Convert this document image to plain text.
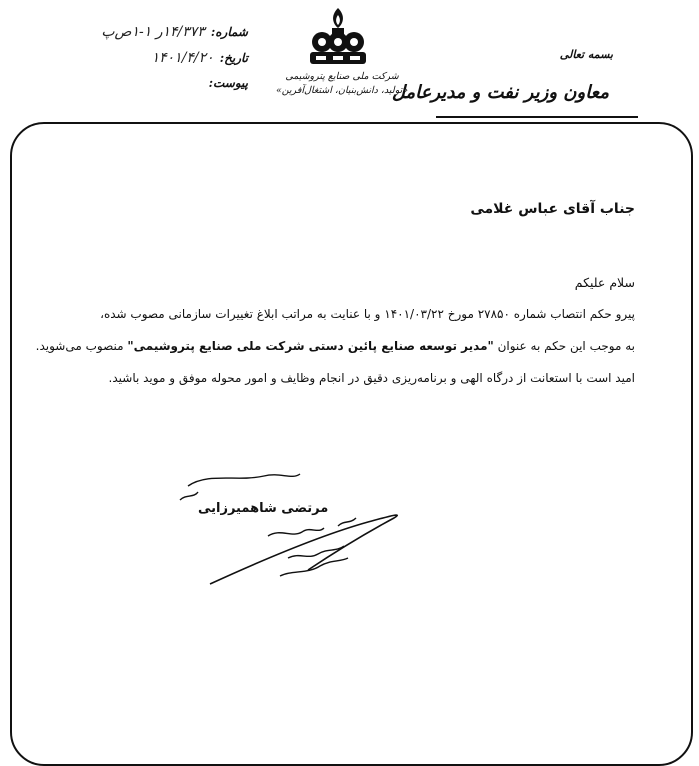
شماره:
۱۴/۳۷۳ر ۱-۱ص‌پ
تاریخ:
۱۴۰۱/۴/۲۰
پیوست:	شرکت ملی صنایع پتروشیمی
«تولید، دانش‌بنیان، اشتغال‌آفرین»
بسمه تعالی
معاون وزیر نفت و مدیرعامل
جناب آقای عباس غلامی
سلام علیکم

پیرو حکم انتصاب شماره ۲۷۸۵۰ مورخ ۱۴۰۱/۰۳/۲۲ و با عنایت به مراتب ابلاغ تغییرات سازمانی مصوب شده،

به موجب این حکم به عنوان "مدیر توسعه صنایع پائین دستی شرکت ملی صنایع پتروشیمی" منصوب می‌شوید.

امید است با استعانت از درگاه الهی و برنامه‌ریزی دقیق در انجام وظایف و امور محوله موفق و موید باشید.

مرتضی شاهمیرزایی
